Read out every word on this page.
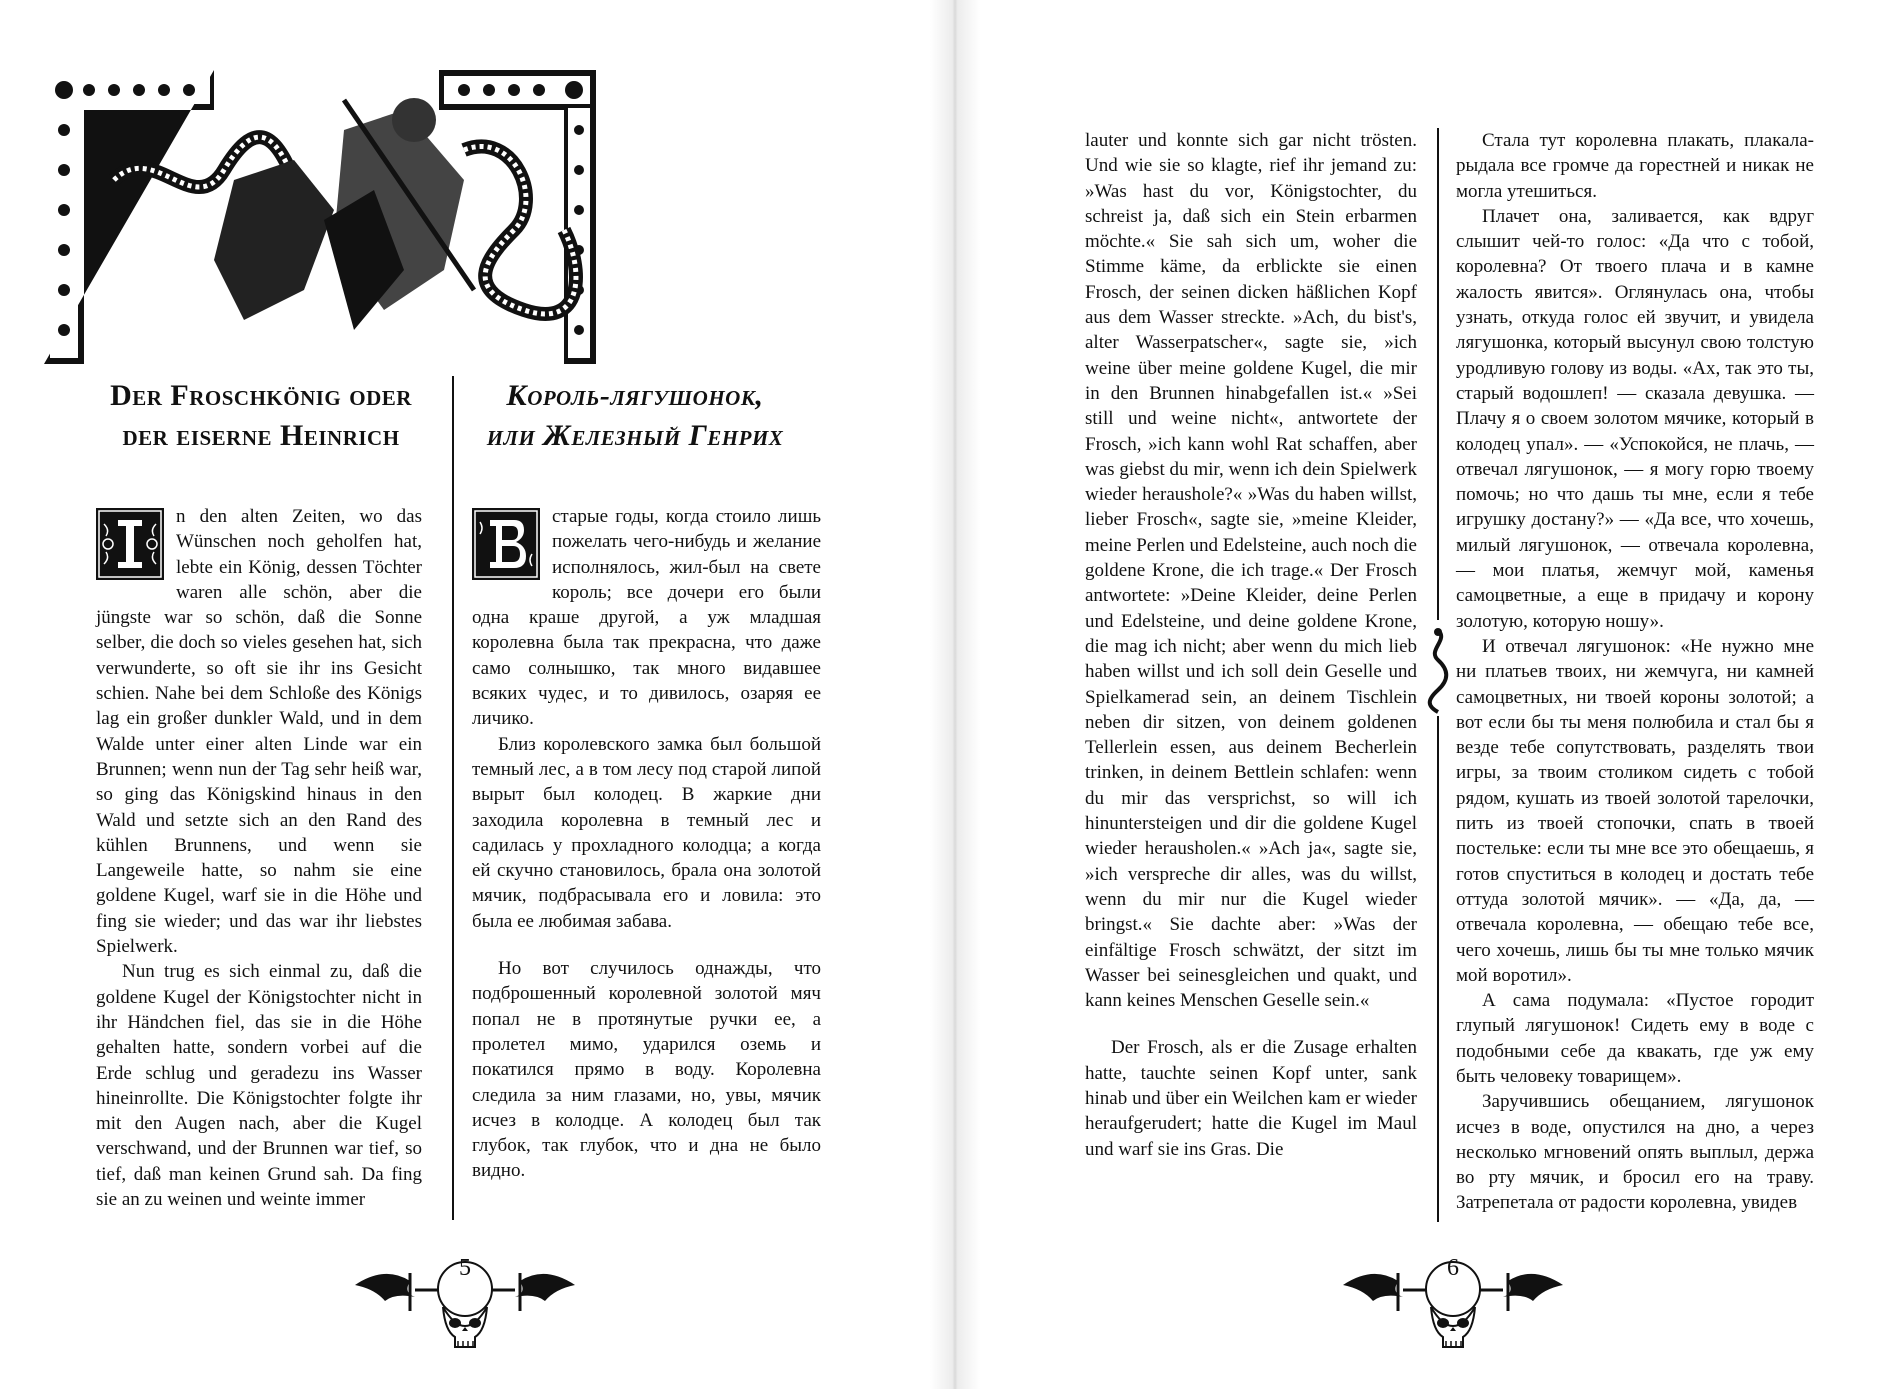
Der Froschkönig oder
der eiserne Heinrich
Король-лягушонок,
или Железный Генрих

n den alten Zeiten, wo das Wünschen noch geholfen hat, lebte ein König, dessen Töchter waren alle schön, aber die jüngste war so schön, daß die Sonne selber, die doch so vieles gesehen hat, sich verwunderte, so oft sie ihr ins Gesicht schien. Nahe bei dem Schloße des Königs lag ein großer dunkler Wald, und in dem Walde unter einer alten Linde war ein Brunnen; wenn nun der Tag sehr heiß war, so ging das Königskind hinaus in den Wald und setzte sich an den Rand des kühlen Brunnens, und wenn sie Langeweile hatte, so nahm sie eine goldene Kugel, warf sie in die Höhe und fing sie wieder; und das war ihr liebstes Spielwerk.

Nun trug es sich einmal zu, daß die goldene Kugel der Königstochter nicht in ihr Händchen fiel, das sie in die Höhe gehalten hatte, sondern vorbei auf die Erde schlug und geradezu ins Wasser hineinrollte. Die Königstochter folgte ihr mit den Augen nach, aber die Kugel verschwand, und der Brunnen war tief, so tief, daß man keinen Grund sah. Da fing sie an zu weinen und weinte immer

старые годы, когда стоило лишь пожелать чего-нибудь и желание исполнялось, жил-был на свете король; все дочери его были одна краше другой, а уж младшая королевна была так прекрасна, что даже само солнышко, так много видавшее всяких чудес, и то дивилось, озаряя ее личико.

Близ королевского замка был большой темный лес, а в том лесу под старой липой вырыт был колодец. В жаркие дни заходила королевна в темный лес и садилась у прохладного колодца; а когда ей скучно становилось, брала она золотой мячик, подбрасывала его и ловила: это была ее любимая забава.

Но вот случилось однажды, что подброшенный королевной золотой мяч попал не в протянутые ручки ее, а пролетел мимо, ударился оземь и покатился прямо в воду. Королевна следила за ним глазами, но, увы, мячик исчез в колодце. А колодец был так глубок, так глубок, что и дна не было видно.

5

lauter und konnte sich gar nicht trösten. Und wie sie so klagte, rief ihr jemand zu: »Was hast du vor, Königstochter, du schreist ja, daß sich ein Stein erbarmen möchte.« Sie sah sich um, woher die Stimme käme, da erblickte sie einen Frosch, der seinen dicken häßlichen Kopf aus dem Wasser streckte. »Ach, du bist's, alter Wasserpatscher«, sagte sie, »ich weine über meine goldene Kugel, die mir in den Brunnen hinabgefallen ist.« »Sei still und weine nicht«, antwortete der Frosch, »ich kann wohl Rat schaffen, aber was giebst du mir, wenn ich dein Spielwerk wieder heraushole?« »Was du haben willst, lieber Frosch«, sagte sie, »meine Kleider, meine Perlen und Edelsteine, auch noch die goldene Krone, die ich trage.« Der Frosch antwortete: »Deine Kleider, deine Perlen und Edelsteine, und deine goldene Krone, die mag ich nicht; aber wenn du mich lieb haben willst und ich soll dein Geselle und Spielkamerad sein, an deinem Tischlein neben dir sitzen, von deinem goldenen Tellerlein essen, aus deinem Becherlein trinken, in deinem Bettlein schlafen: wenn du mir das versprichst, so will ich hinuntersteigen und dir die goldene Kugel wieder herausholen.« »Ach ja«, sagte sie, »ich verspreche dir alles, was du willst, wenn du mir nur die Kugel wieder bringst.« Sie dachte aber: »Was der einfältige Frosch schwätzt, der sitzt im Wasser bei seinesgleichen und quakt, und kann keines Menschen Geselle sein.«

Der Frosch, als er die Zusage erhalten hatte, tauchte seinen Kopf unter, sank hinab und über ein Weilchen kam er wieder heraufgerudert; hatte die Kugel im Maul und warf sie ins Gras. Die

Стала тут королевна плакать, плакала-рыдала все громче да горестней и никак не могла утешиться.

Плачет она, заливается, как вдруг слышит чей-то голос: «Да что с тобой, королевна? От твоего плача и в камне жалость явится». Оглянулась она, чтобы узнать, откуда голос ей звучит, и увидела лягушонка, который высунул свою толстую уродливую голову из воды. «Ах, так это ты, старый водошлеп! — сказала девушка. — Плачу я о своем золотом мячике, который в колодец упал». — «Успокойся, не плачь, — отвечал лягушонок, — я могу горю твоему помочь; но что дашь ты мне, если я тебе игрушку достану?» — «Да все, что хочешь, милый лягушонок, — отвечала королевна, — мои платья, жемчуг мой, каменья самоцветные, а еще в придачу и корону золотую, которую ношу».

И отвечал лягушонок: «Не нужно мне ни платьев твоих, ни жемчуга, ни камней самоцветных, ни твоей короны золотой; а вот если бы ты меня полюбила и стал бы я везде тебе сопутствовать, разделять твои игры, за твоим столиком сидеть с тобой рядом, кушать из твоей золотой тарелочки, пить из твоей стопочки, спать в твоей постельке: если ты мне все это обещаешь, я готов спуститься в колодец и достать тебе оттуда золотой мячик». — «Да, да, — отвечала королевна, — обещаю тебе все, чего хочешь, лишь бы ты мне только мячик мой воротил».

А сама подумала: «Пустое городит глупый лягушонок! Сидеть ему в воде с подобными себе да квакать, где уж ему быть человеку товарищем».

Заручившись обещанием, лягушонок исчез в воде, опустился на дно, а через несколько мгновений опять выплыл, держа во рту мячик, и бросил его на траву. Затрепетала от радости королевна, увидев

6
